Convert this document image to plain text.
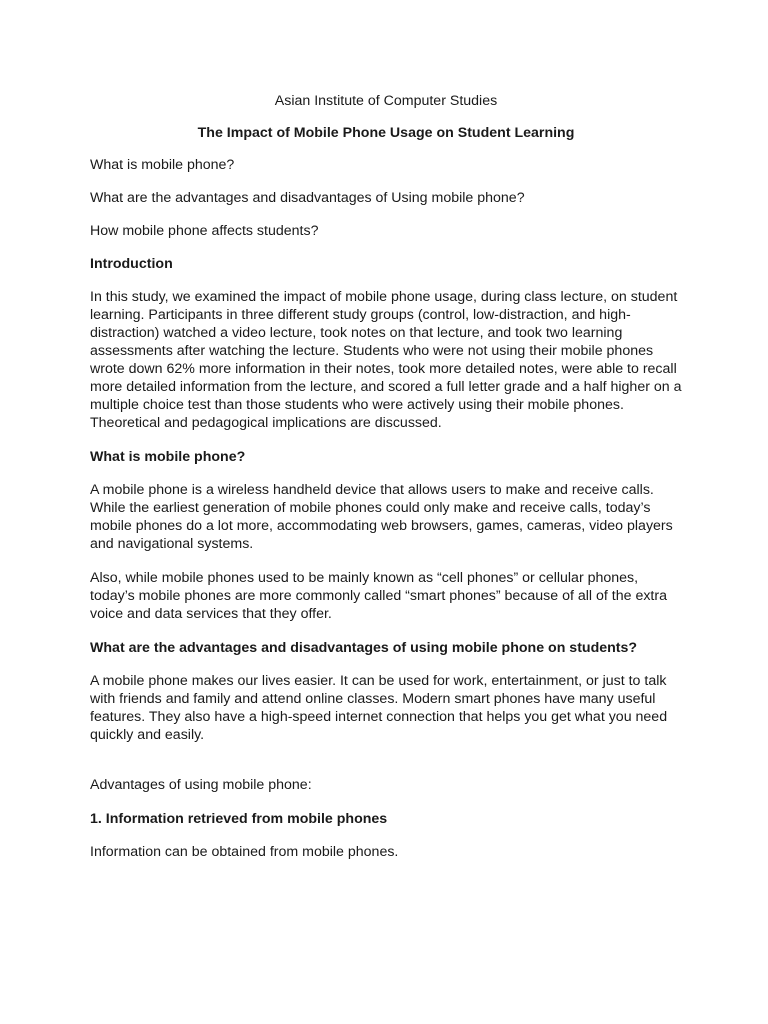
Asian Institute of Computer Studies

The Impact of Mobile Phone Usage on Student Learning

What is mobile phone?

What are the advantages and disadvantages of Using mobile phone?

How mobile phone affects students?

Introduction

In this study, we examined the impact of mobile phone usage, during class lecture, on student learning. Participants in three different study groups (control, low-distraction, and high-distraction) watched a video lecture, took notes on that lecture, and took two learning assessments after watching the lecture. Students who were not using their mobile phones wrote down 62% more information in their notes, took more detailed notes, were able to recall more detailed information from the lecture, and scored a full letter grade and a half higher on a multiple choice test than those students who were actively using their mobile phones. Theoretical and pedagogical implications are discussed.

What is mobile phone?

A mobile phone is a wireless handheld device that allows users to make and receive calls. While the earliest generation of mobile phones could only make and receive calls, today’s mobile phones do a lot more, accommodating web browsers, games, cameras, video players and navigational systems.

Also, while mobile phones used to be mainly known as “cell phones” or cellular phones, today’s mobile phones are more commonly called “smart phones” because of all of the extra voice and data services that they offer.

What are the advantages and disadvantages of using mobile phone on students?

A mobile phone makes our lives easier. It can be used for work, entertainment, or just to talk with friends and family and attend online classes. Modern smart phones have many useful features. They also have a high-speed internet connection that helps you get what you need quickly and easily.

Advantages of using mobile phone:

1. Information retrieved from mobile phones

Information can be obtained from mobile phones.
